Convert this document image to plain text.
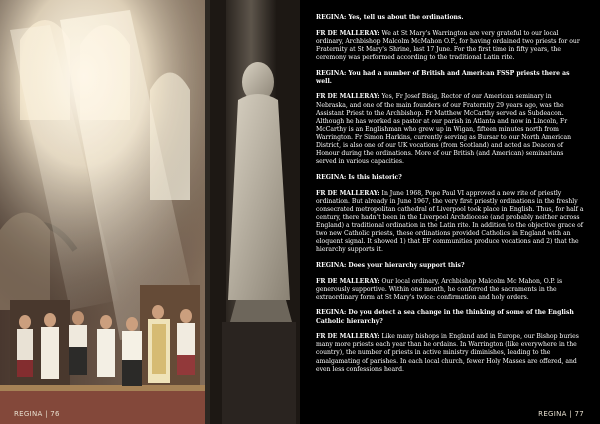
REGINA | 76

REGINA: Yes, tell us about the ordinations.

FR DE MALLERAY: We at St Mary's Warrington are very grateful to our local ordinary, Archbishop Malcolm McMahon O.P., for having ordained two priests for our Fraternity at St Mary's Shrine, last 17 June. For the first time in fifty years, the ceremony was performed according to the traditional Latin rite.

REGINA: You had a number of British and American FSSP priests there as well.

FR DE MALLERAY: Yes, Fr Josef Bisig, Rector of our American seminary in Nebraska, and one of the main founders of our Fraternity 29 years ago, was the Assistant Priest to the Archbishop. Fr Matthew McCarthy served as Subdeacon. Although he has worked as pastor at our parish in Atlanta and now in Lincoln, Fr McCarthy is an Englishman who grew up in Wigan, fifteen minutes north from Warrington. Fr Simon Harkins, currently serving as Bursar to our North American District, is also one of our UK vocations (from Scotland) and acted as Deacon of Honour during the ordinations. More of our British (and American) seminarians served in various capacities.

REGINA: Is this historic?

FR DE MALLERAY: In June 1968, Pope Paul VI approved a new rite of priestly ordination. But already in June 1967, the very first priestly ordinations in the freshly consecrated metropolitan cathedral of Liverpool took place in English. Thus, for half a century, there hadn't been in the Liverpool Archdiocese (and probably neither across England) a traditional ordination in the Latin rite. In addition to the objective grace of two new Catholic priests, these ordinations provided Catholics in England with an eloquent signal. It showed 1) that EF communities produce vocations and 2) that the hierarchy supports it.

REGINA: Does your hierarchy support this?

FR DE MALLERAY: Our local ordinary, Archbishop Malcolm Mc Mahon, O.P. is generously supportive. Within one month, he conferred the sacraments in the extraordinary form at St Mary's twice: confirmation and holy orders.

REGINA: Do you detect a sea change in the thinking of some of the English Catholic hierarchy?

FR DE MALLERAY: Like many bishops in England and in Europe, our Bishop buries many more priests each year than he ordains. In Warrington (like everywhere in the country), the number of priests in active ministry diminishes, leading to the amalgamating of parishes. In each local church, fewer Holy Masses are offered, and even less confessions heard.

REGINA | 77
